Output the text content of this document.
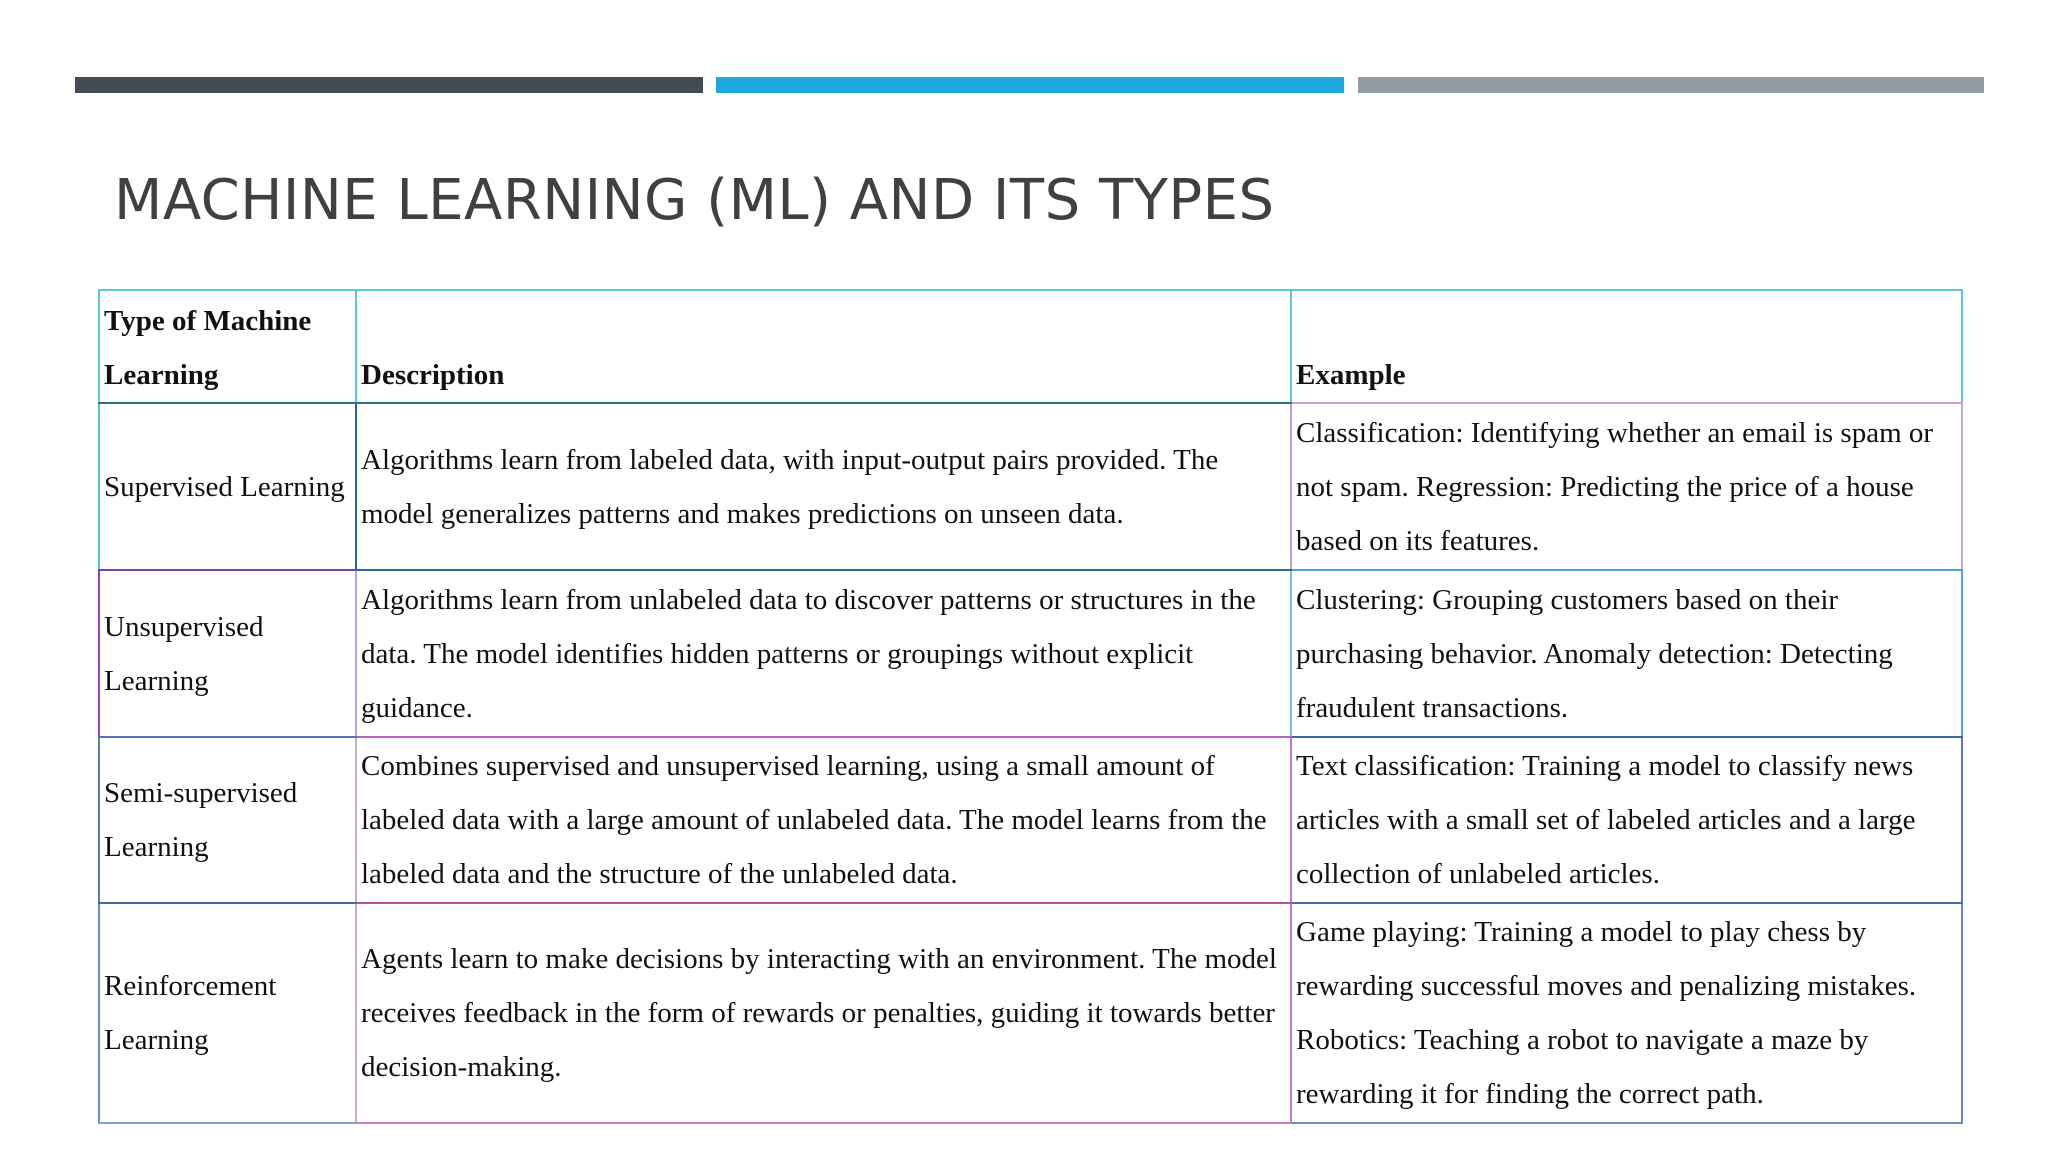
MACHINE LEARNING (ML) AND ITS TYPES
Type of Machine Learning	Description	Example
Supervised Learning	Algorithms learn from labeled data, with input-output pairs provided. The model generalizes patterns and makes predictions on unseen data.	Classification: Identifying whether an email is spam or not spam. Regression: Predicting the price of a house based on its features.
Unsupervised Learning	Algorithms learn from unlabeled data to discover patterns or structures in the data. The model identifies hidden patterns or groupings without explicit guidance.	Clustering: Grouping customers based on their purchasing behavior. Anomaly detection: Detecting fraudulent transactions.
Semi-supervised Learning	Combines supervised and unsupervised learning, using a small amount of labeled data with a large amount of unlabeled data. The model learns from the labeled data and the structure of the unlabeled data.	Text classification: Training a model to classify news articles with a small set of labeled articles and a large collection of unlabeled articles.
Reinforcement Learning	Agents learn to make decisions by interacting with an environment. The model receives feedback in the form of rewards or penalties, guiding it towards better decision-making.	Game playing: Training a model to play chess by rewarding successful moves and penalizing mistakes. Robotics: Teaching a robot to navigate a maze by rewarding it for finding the correct path.
